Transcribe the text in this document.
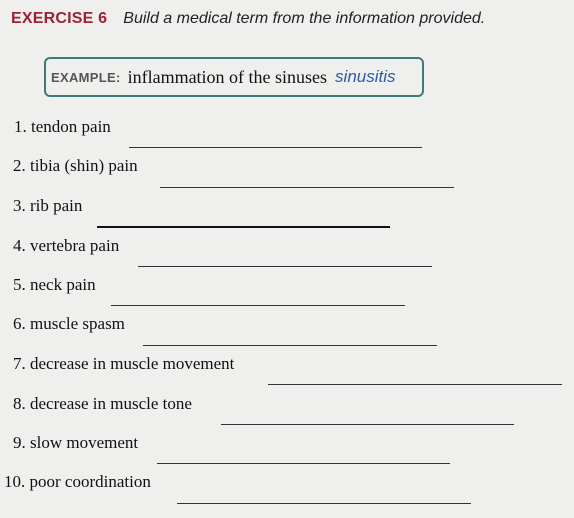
EXERCISE 6 Build a medical term from the information provided.
EXAMPLE: inflammation of the sinuses sinusitis
1. tendon pain
2. tibia (shin) pain
3. rib pain
4. vertebra pain
5. neck pain
6. muscle spasm
7. decrease in muscle movement
8. decrease in muscle tone
9. slow movement
10. poor coordination
